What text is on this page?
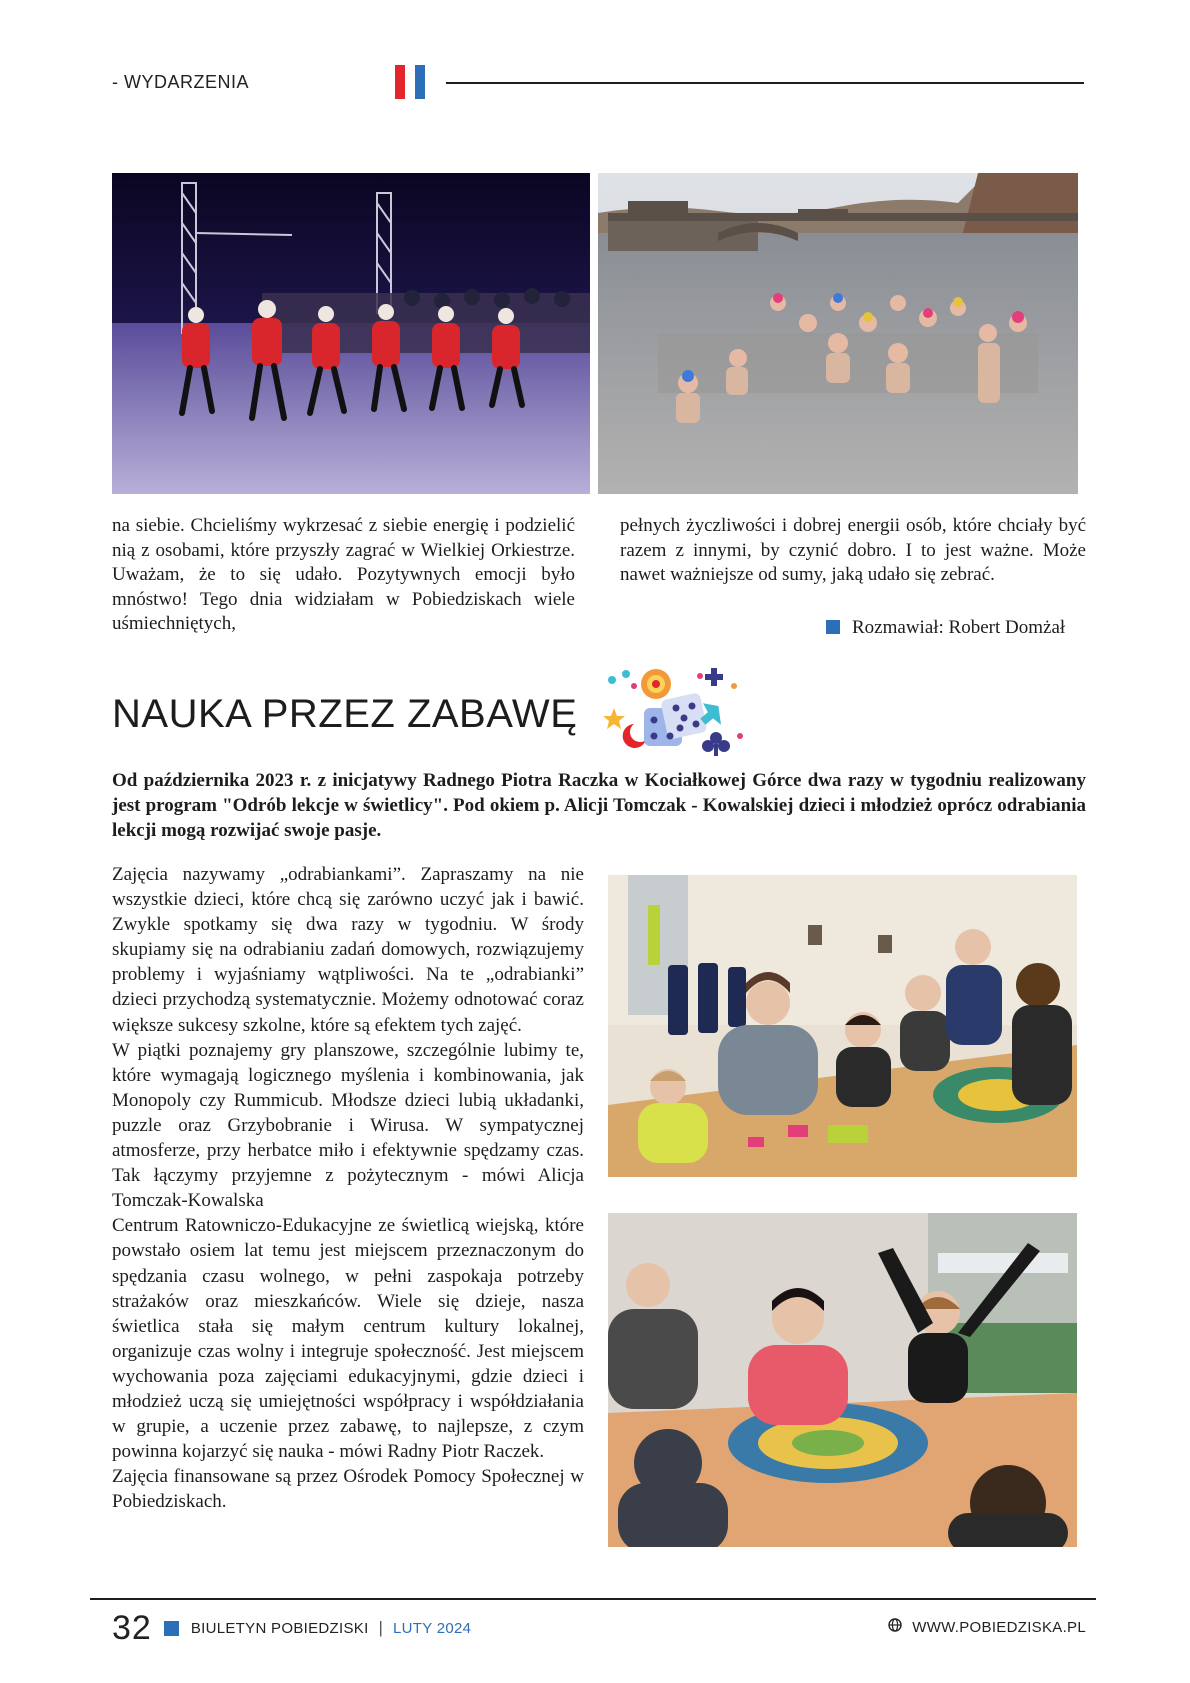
- WYDARZENIA
na siebie. Chcieliśmy wykrzesać z siebie energię i podzielić nią z osobami, które przyszły zagrać w Wielkiej Orkiestrze. Uważam, że to się udało. Pozytywnych emocji było mnóstwo! Tego dnia widziałam w Pobiedziskach wiele uśmiechniętych,
pełnych życzliwości i dobrej energii osób, które chciały być razem z innymi, by czynić dobro. I to jest ważne. Może nawet ważniejsze od sumy, jaką udało się zebrać.
Rozmawiał: Robert Domżał
NAUKA PRZEZ ZABAWĘ
Od października 2023 r. z inicjatywy Radnego Piotra Raczka w Kociałkowej Górce dwa razy w tygodniu realizowany jest program "Odrób lekcje w świetlicy". Pod okiem p. Alicji Tomczak - Kowalskiej dzieci i młodzież oprócz odrabiania lekcji mogą rozwijać swoje pasje.

Zajęcia nazywamy „odrabiankami”. Zapraszamy na nie wszystkie dzieci, które chcą się zarówno uczyć jak i bawić. Zwykle spotkamy się dwa razy w tygodniu. W środy skupiamy się na odrabianiu zadań domowych, rozwiązujemy problemy i wyjaśniamy wątpliwości. Na te „odrabianki” dzieci przychodzą systematycznie. Możemy odnotować coraz większe sukcesy szkolne, które są efektem tych zajęć.

W piątki poznajemy gry planszowe, szczególnie lubimy te, które wymagają logicznego myślenia i kombinowania, jak Monopoly czy Rummicub. Młodsze dzieci lubią układanki, puzzle oraz Grzybobranie i Wirusa. W sympatycznej atmosferze, przy herbatce miło i efektywnie spędzamy czas. Tak łączymy przyjemne z pożytecznym - mówi Alicja Tomczak-Kowalska

Centrum Ratowniczo-Edukacyjne ze świetlicą wiejską, które powstało osiem lat temu jest miejscem przeznaczonym do spędzania czasu wolnego, w pełni zaspokaja potrzeby strażaków oraz mieszkańców. Wiele się dzieje, nasza świetlica stała się małym centrum kultury lokalnej, organizuje czas wolny i integruje społeczność. Jest miejscem wychowania poza zajęciami edukacyjnymi, gdzie dzieci i młodzież uczą się umiejętności współpracy i współdziałania w grupie, a uczenie przez zabawę, to najlepsze, z czym powinna kojarzyć się nauka - mówi Radny Piotr Raczek.

Zajęcia finansowane są przez Ośrodek Pomocy Społecznej w Pobiedziskach.

32	BIULETYN POBIEDZISKI | LUTY 2024	WWW.POBIEDZISKA.PL
